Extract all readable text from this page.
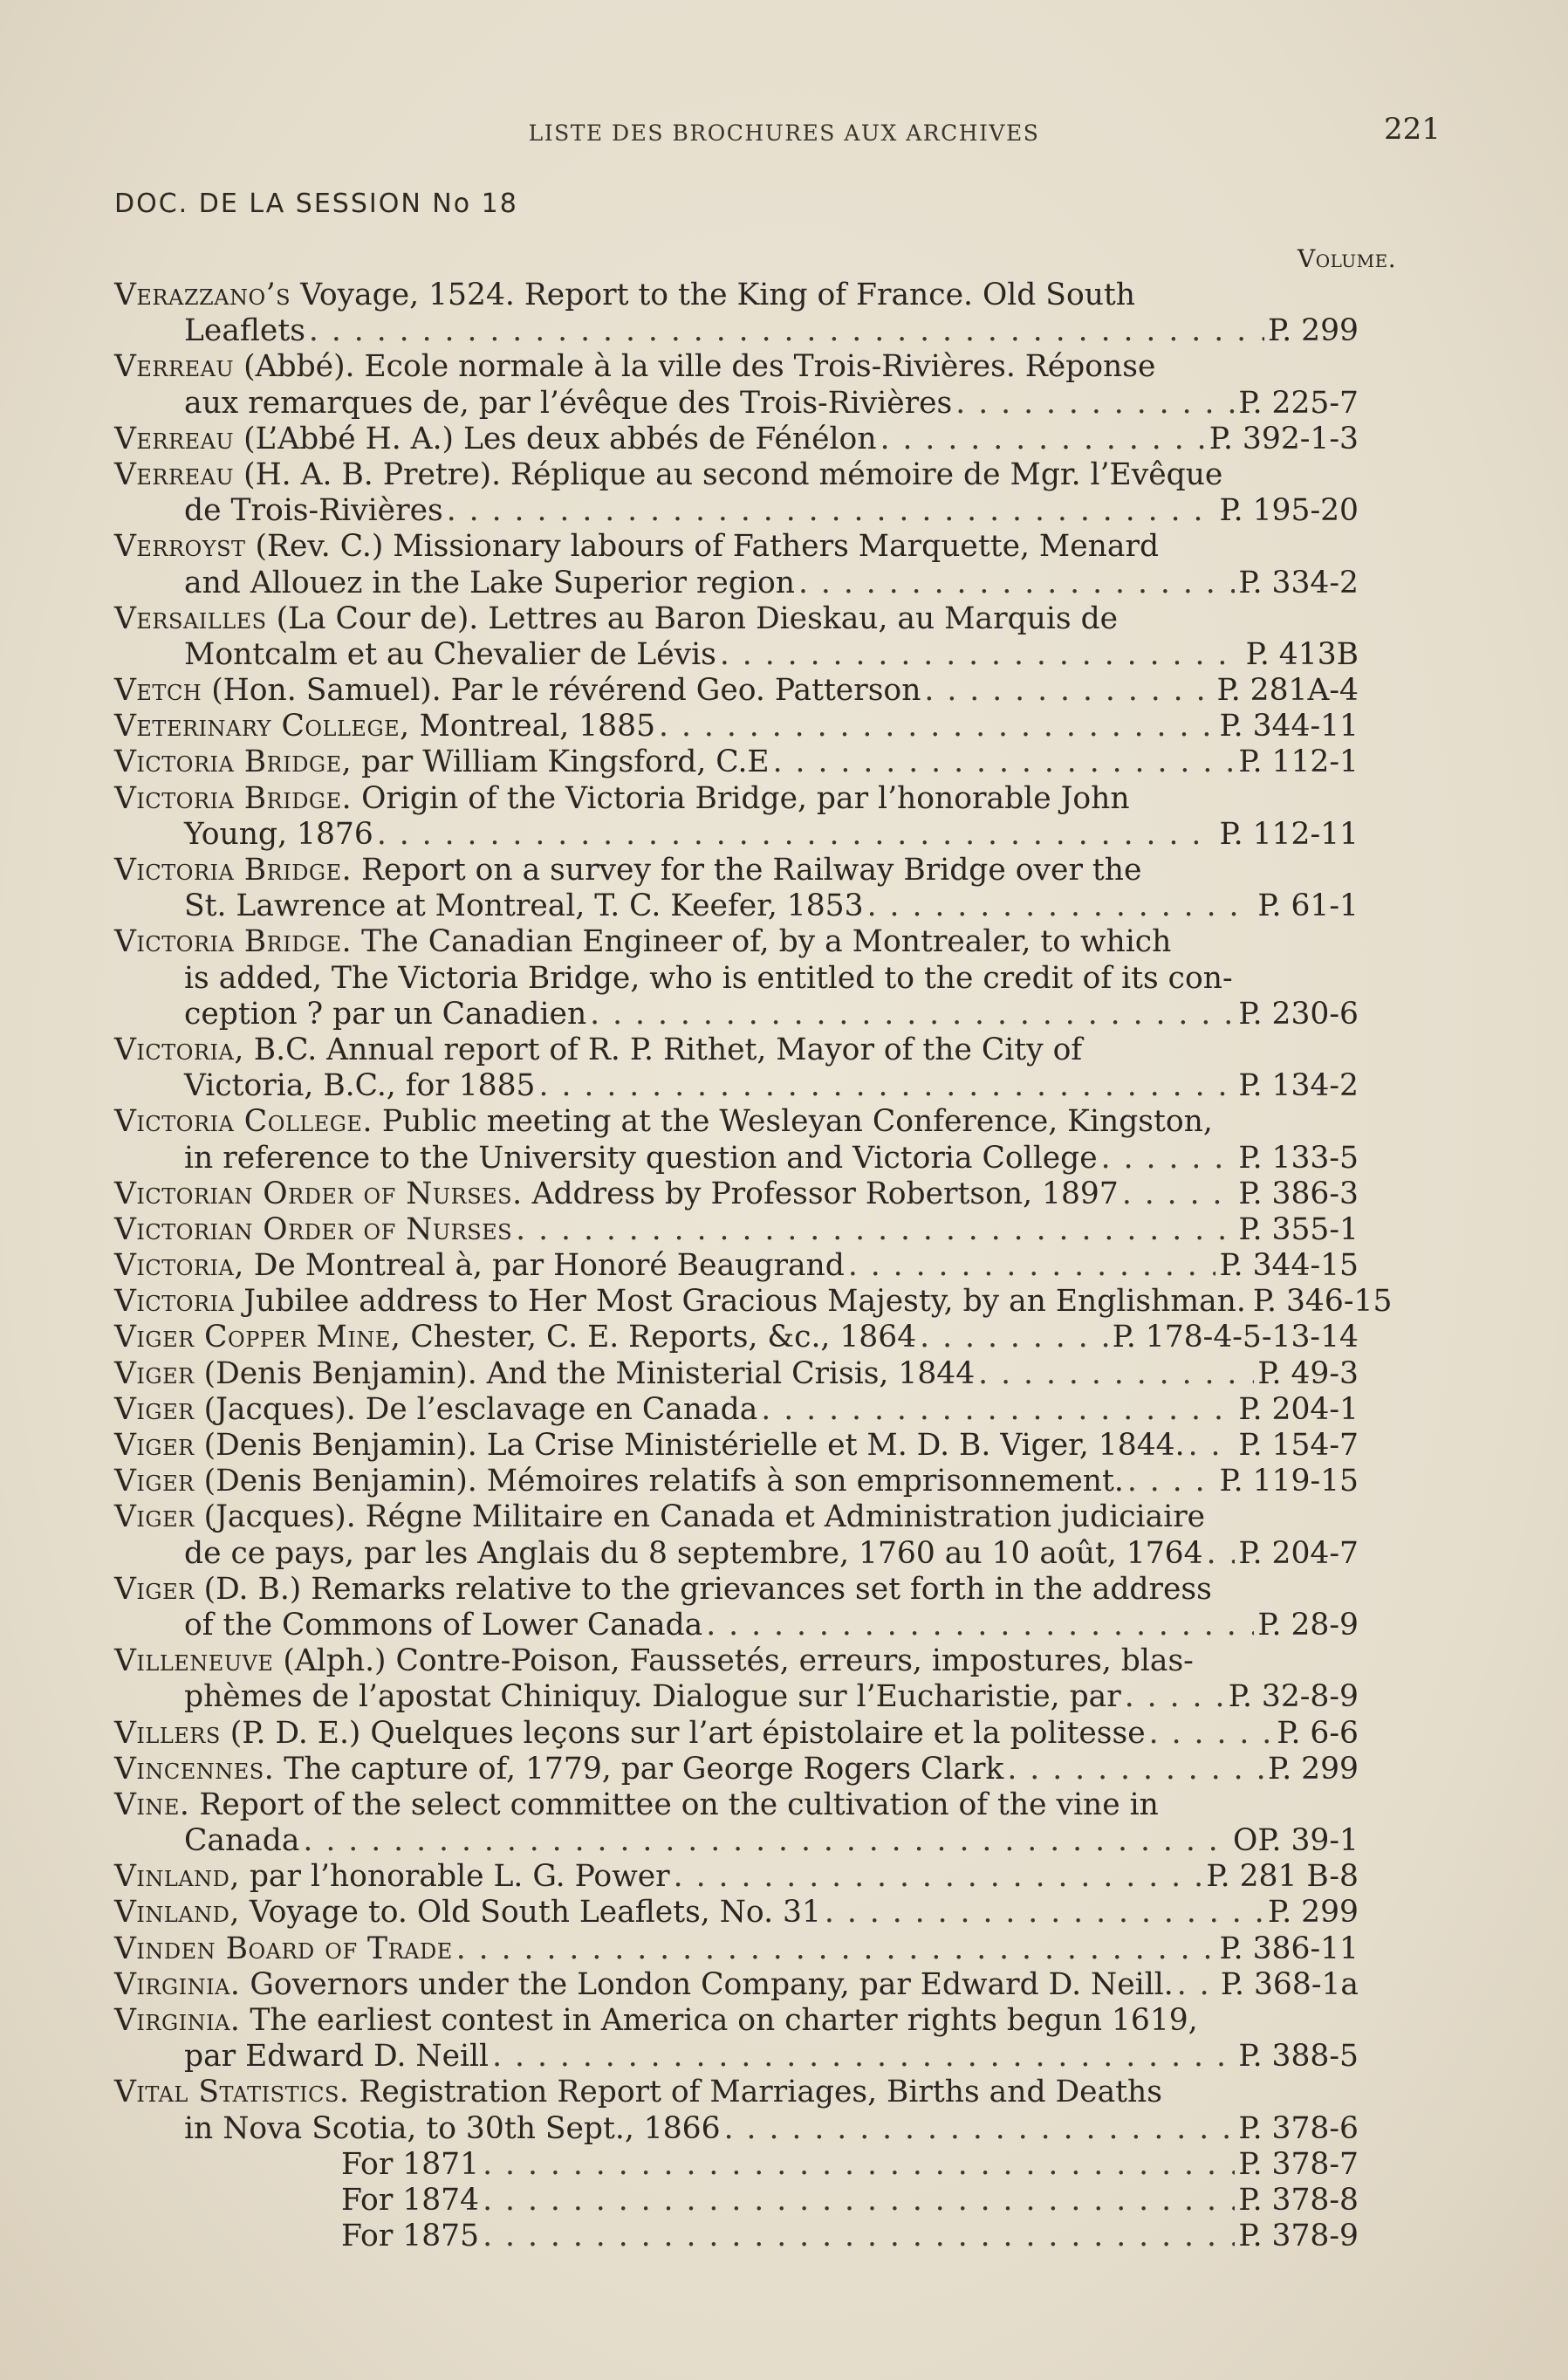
LISTE DES BROCHURES AUX ARCHIVES	221
DOC. DE LA SESSION No 18
Volume.
Verazzano’s Voyage, 1524. Report to the King of France. Old South
Leaflets . . .	P. 299
Verreau (Abbé). Ecole normale à la ville des Trois-Rivières. Réponse
aux remarques de, par l’évêque des Trois-Rivières . . .	P. 225-7
Verreau (L’Abbé H. A.) Les deux abbés de Fénélon . . .	P. 392-1-3
Verreau (H. A. B. Pretre). Réplique au second mémoire de Mgr. l’Evêque
de Trois-Rivières . . .	P. 195-20
Verroyst (Rev. C.) Missionary labours of Fathers Marquette, Menard
and Allouez in the Lake Superior region . . .	P. 334-2
Versailles (La Cour de). Lettres au Baron Dieskau, au Marquis de
Montcalm et au Chevalier de Lévis . . .	P. 413B
Vetch (Hon. Samuel). Par le révérend Geo. Patterson . . .	P. 281A-4
Veterinary College, Montreal, 1885 . . .	P. 344-11
Victoria Bridge, par William Kingsford, C.E . . .	P. 112-1
Victoria Bridge. Origin of the Victoria Bridge, par l’honorable John
Young, 1876 . . .	P. 112-11
Victoria Bridge. Report on a survey for the Railway Bridge over the
St. Lawrence at Montreal, T. C. Keefer, 1853 . . .	P. 61-1
Victoria Bridge. The Canadian Engineer of, by a Montrealer, to which
is added, The Victoria Bridge, who is entitled to the credit of its con-
ception ? par un Canadien . . .	P. 230-6
Victoria, B.C. Annual report of R. P. Rithet, Mayor of the City of
Victoria, B.C., for 1885 . . .	P. 134-2
Victoria College. Public meeting at the Wesleyan Conference, Kingston,
in reference to the University question and Victoria College . . .	P. 133-5
Victorian Order of Nurses. Address by Professor Robertson, 1897 . . .	P. 386-3
Victorian Order of Nurses . . .	P. 355-1
Victoria, De Montreal à, par Honoré Beaugrand . . .	P. 344-15
Victoria Jubilee address to Her Most Gracious Majesty, by an Englishman. P. 346-15
Viger Copper Mine, Chester, C. E. Reports, &c., 1864 . . .	P. 178-4-5-13-14
Viger (Denis Benjamin). And the Ministerial Crisis, 1844 . . .	P. 49-3
Viger (Jacques). De l’esclavage en Canada . . .	P. 204-1
Viger (Denis Benjamin). La Crise Ministérielle et M. D. B. Viger, 1844. . . . P. 154-7
Viger (Denis Benjamin). Mémoires relatifs à son emprisonnement. . . .	P. 119-15
Viger (Jacques). Régne Militaire en Canada et Administration judiciaire
de ce pays, par les Anglais du 8 septembre, 1760 au 10 août, 1764 . . . P. 204-7
Viger (D. B.) Remarks relative to the grievances set forth in the address
of the Commons of Lower Canada . . .	P. 28-9
Villeneuve (Alph.) Contre-Poison, Faussetés, erreurs, impostures, blas-
phèmes de l’apostat Chiniquy. Dialogue sur l’Eucharistie, par . . .	P. 32-8-9
Villers (P. D. E.) Quelques leçons sur l’art épistolaire et la politesse . . .	P. 6-6
Vincennes. The capture of, 1779, par George Rogers Clark . . .	P. 299
Vine. Report of the select committee on the cultivation of the vine in
Canada . . .	OP. 39-1
Vinland, par l’honorable L. G. Power . . .	P. 281 B-8
Vinland, Voyage to. Old South Leaflets, No. 31 . . .	P. 299
Vinden Board of Trade . . .	P. 386-11
Virginia. Governors under the London Company, par Edward D. Neill. . . . P. 368-1a
Virginia. The earliest contest in America on charter rights begun 1619,
par Edward D. Neill . . .	P. 388-5
Vital Statistics. Registration Report of Marriages, Births and Deaths
in Nova Scotia, to 30th Sept., 1866 . . .	P. 378-6
For 1871 . . .	P. 378-7
For 1874 . . .	P. 378-8
For 1875 . . .	P. 378-9
